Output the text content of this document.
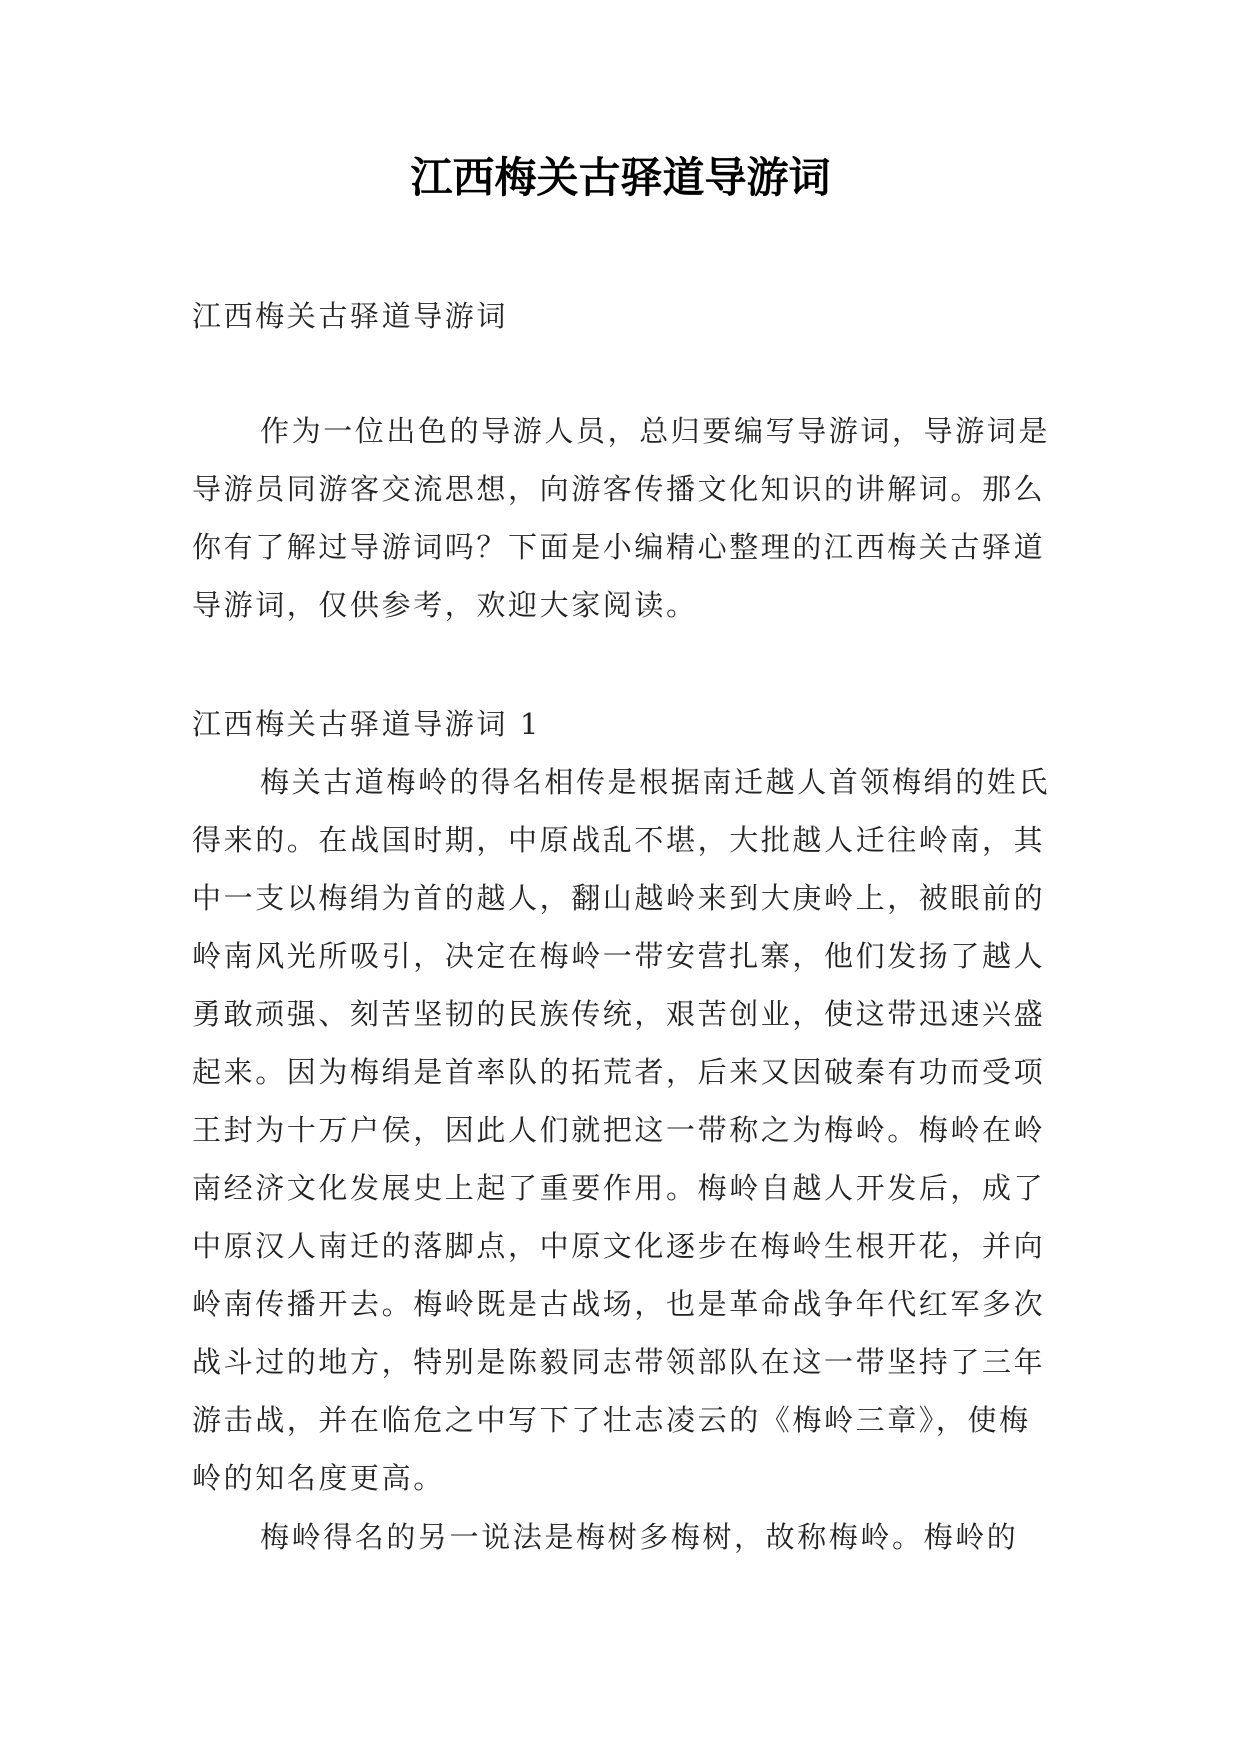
江西梅关古驿道导游词

江西梅关古驿道导游词

作为一位出色的导游人员，总归要编写导游词，导游词是导游员同游客交流思想，向游客传播文化知识的讲解词。那么你有了解过导游词吗？下面是小编精心整理的江西梅关古驿道导游词，仅供参考，欢迎大家阅读。

江西梅关古驿道导游词 1

梅关古道梅岭的得名相传是根据南迁越人首领梅绢的姓氏得来的。在战国时期，中原战乱不堪，大批越人迁往岭南，其中一支以梅绢为首的越人，翻山越岭来到大庚岭上，被眼前的岭南风光所吸引，决定在梅岭一带安营扎寨，他们发扬了越人勇敢顽强、刻苦坚韧的民族传统，艰苦创业，使这带迅速兴盛起来。因为梅绢是首率队的拓荒者，后来又因破秦有功而受项王封为十万户侯，因此人们就把这一带称之为梅岭。梅岭在岭南经济文化发展史上起了重要作用。梅岭自越人开发后，成了中原汉人南迁的落脚点，中原文化逐步在梅岭生根开花，并向岭南传播开去。梅岭既是古战场，也是革命战争年代红军多次战斗过的地方，特别是陈毅同志带领部队在这一带坚持了三年游击战，并在临危之中写下了壮志凌云的《梅岭三章》，使梅岭的知名度更高。

梅岭得名的另一说法是梅树多梅树，故称梅岭。梅岭的
